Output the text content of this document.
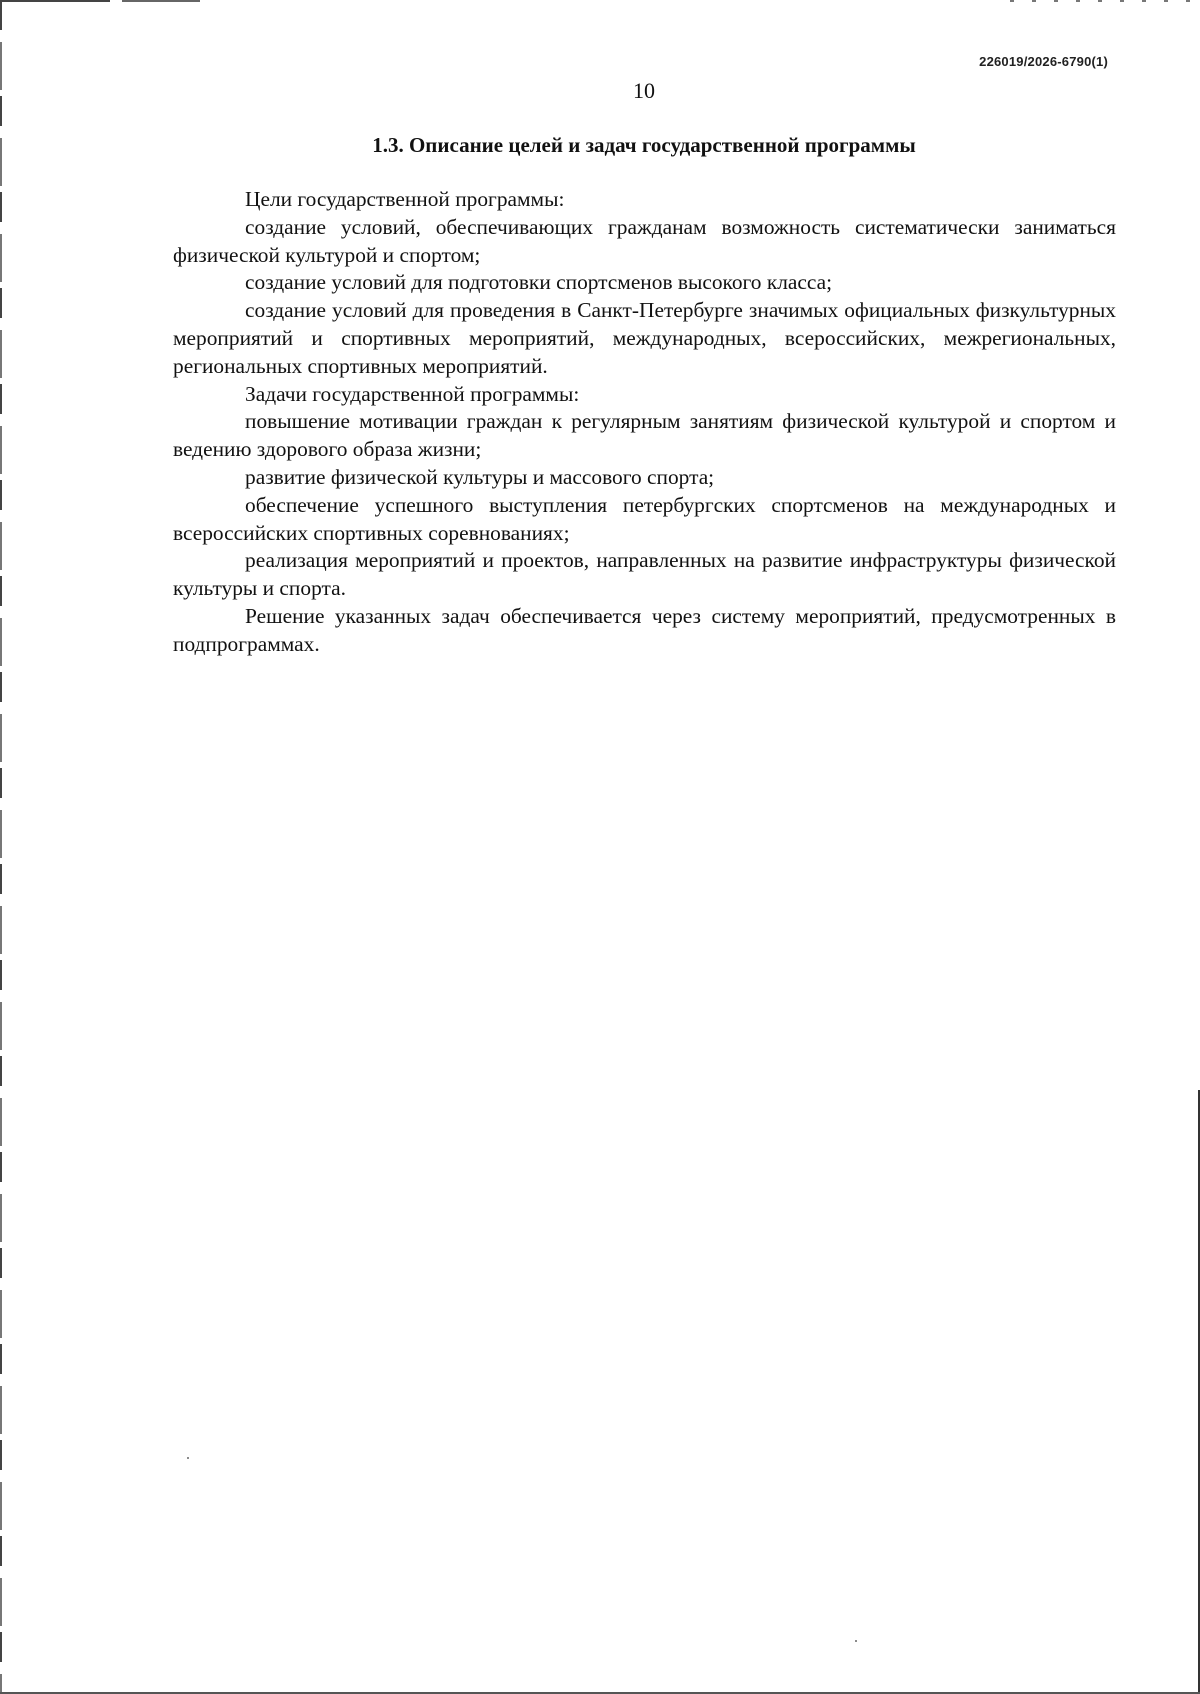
226019/2026-6790(1)
10
1.3. Описание целей и задач государственной программы

Цели государственной программы:

создание условий, обеспечивающих гражданам возможность систематически заниматься физической культурой и спортом;

создание условий для подготовки спортсменов высокого класса;

создание условий для проведения в Санкт-Петербурге значимых официальных физкультурных мероприятий и спортивных мероприятий, международных, всероссийских, межрегиональных, региональных спортивных мероприятий.

Задачи государственной программы:

повышение мотивации граждан к регулярным занятиям физической культурой и спортом и ведению здорового образа жизни;

развитие физической культуры и массового спорта;

обеспечение успешного выступления петербургских спортсменов на международных и всероссийских спортивных соревнованиях;

реализация мероприятий и проектов, направленных на развитие инфраструктуры физической культуры и спорта.

Решение указанных задач обеспечивается через систему мероприятий, предусмотренных в подпрограммах.
